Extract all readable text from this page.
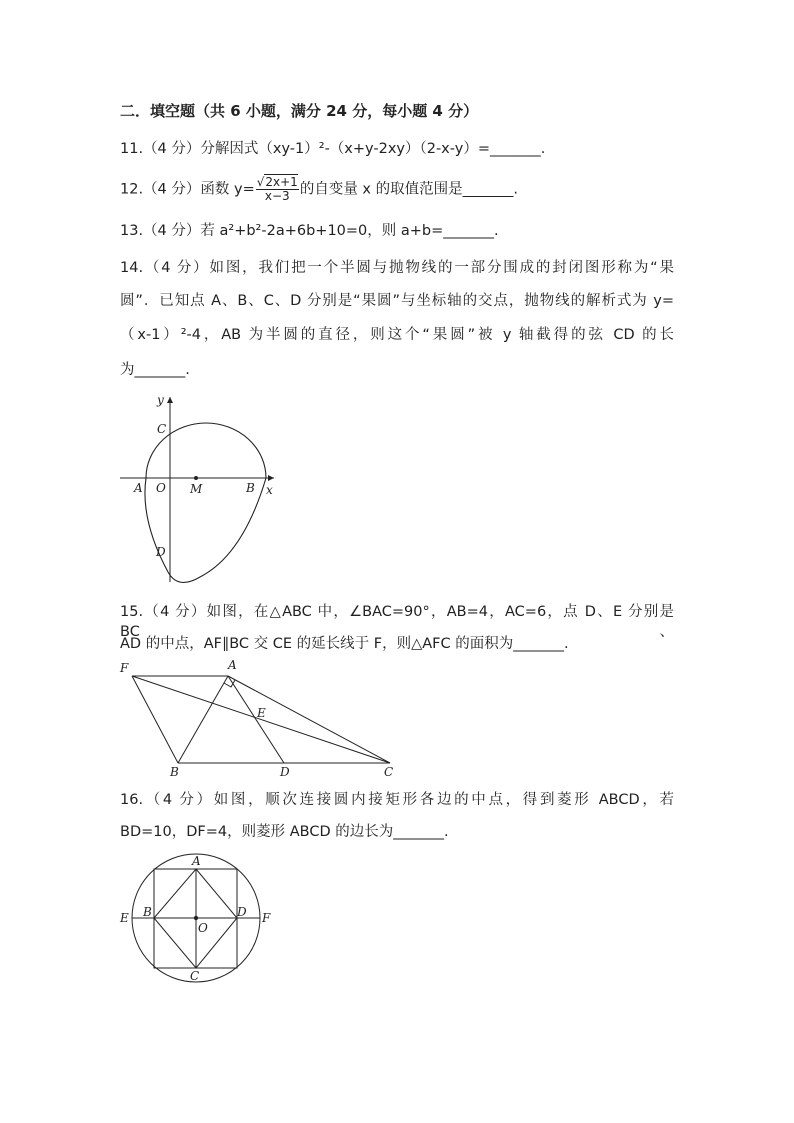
二．填空题（共 6 小题，满分 24 分，每小题 4 分）
11.（4 分）分解因式（xy-1）²-（x+y-2xy）（2-x-y）=_______.
12.（4 分）函数 $y= \frac{√2x+1}{x-3}$ 的自变量 x 的取值范围是_______.
13.（4 分）若 a²+b²-2a+6b+10=0，则 a+b=_______.
14.（4 分）如图，我们把一个半圆与抛物线的一部分围成的封闭图形称为“果
圆”．已知点 A、B、C、D 分别是“果圆”与坐标轴的交点，抛物线的解析式为 y=
（x-1）²-4，AB 为半圆的直径，则这个“果圆”被 y 轴截得的弦 CD 的长
为_______.
y
x
C
A O M	B
D
15.（4 分）如图，在△ABC 中，∠BAC=90°，AB=4，AC=6，点 D、E 分别是 BC、
AD 的中点，AF∥BC 交 CE 的延长线于 F，则△AFC 的面积为_______.
F	A
E
B	D	C
16.（4 分）如图，顺次连接圆内接矩形各边的中点，得到菱形 ABCD，若
BD=10，DF=4，则菱形 ABCD 的边长为_______.
A
B	D
E	F
O
C
